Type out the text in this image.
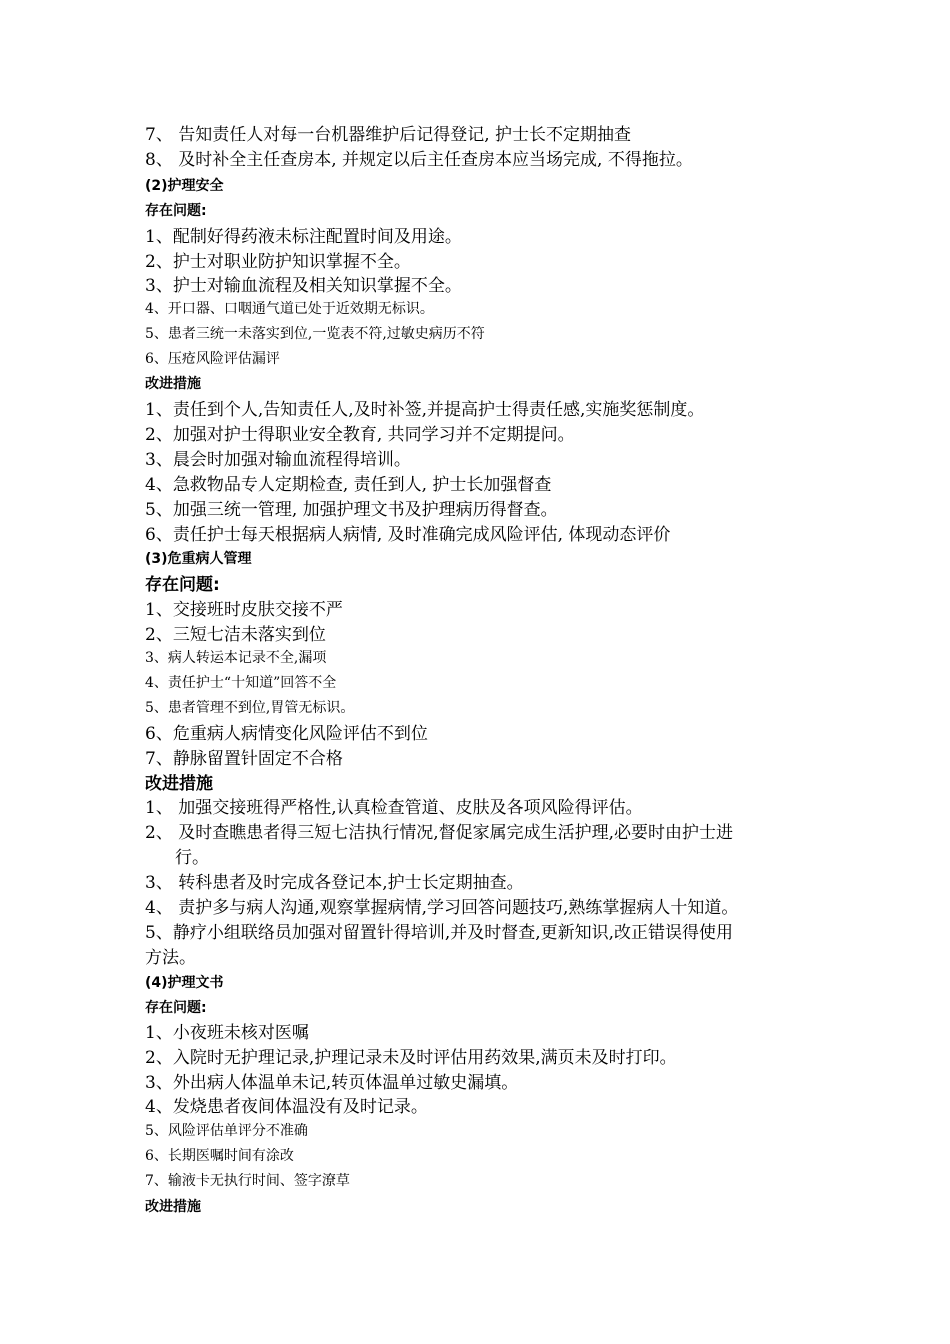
7、 告知责任人对每一台机器维护后记得登记, 护士长不定期抽查
8、 及时补全主任查房本, 并规定以后主任查房本应当场完成, 不得拖拉。
(2)护理安全
存在问题:
1、配制好得药液未标注配置时间及用途。
2、护士对职业防护知识掌握不全。
3、护士对输血流程及相关知识掌握不全。
4、开口器、口咽通气道已处于近效期无标识。
5、患者三统一未落实到位,一览表不符,过敏史病历不符
6、压疮风险评估漏评
改进措施
1、责任到个人,告知责任人,及时补签,并提高护士得责任感,实施奖惩制度。
2、加强对护士得职业安全教育, 共同学习并不定期提问。
3、晨会时加强对输血流程得培训。
4、急救物品专人定期检查, 责任到人, 护士长加强督查
5、加强三统一管理, 加强护理文书及护理病历得督查。
6、责任护士每天根据病人病情, 及时准确完成风险评估, 体现动态评价
(3)危重病人管理
存在问题:
1、交接班时皮肤交接不严
2、三短七洁未落实到位
3、病人转运本记录不全,漏项
4、责任护士“十知道”回答不全
5、患者管理不到位,胃管无标识。
6、危重病人病情变化风险评估不到位
7、静脉留置针固定不合格
改进措施
1、 加强交接班得严格性,认真检查管道、皮肤及各项风险得评估。
2、 及时查瞧患者得三短七洁执行情况,督促家属完成生活护理,必要时由护士进
行。
3、 转科患者及时完成各登记本,护士长定期抽查。
4、 责护多与病人沟通,观察掌握病情,学习回答问题技巧,熟练掌握病人十知道。
5、静疗小组联络员加强对留置针得培训,并及时督查,更新知识,改正错误得使用
方法。
(4)护理文书
存在问题:
1、小夜班未核对医嘱
2、入院时无护理记录,护理记录未及时评估用药效果,满页未及时打印。
3、外出病人体温单未记,转页体温单过敏史漏填。
4、发烧患者夜间体温没有及时记录。
5、风险评估单评分不准确
6、长期医嘱时间有涂改
7、输液卡无执行时间、签字潦草
改进措施
